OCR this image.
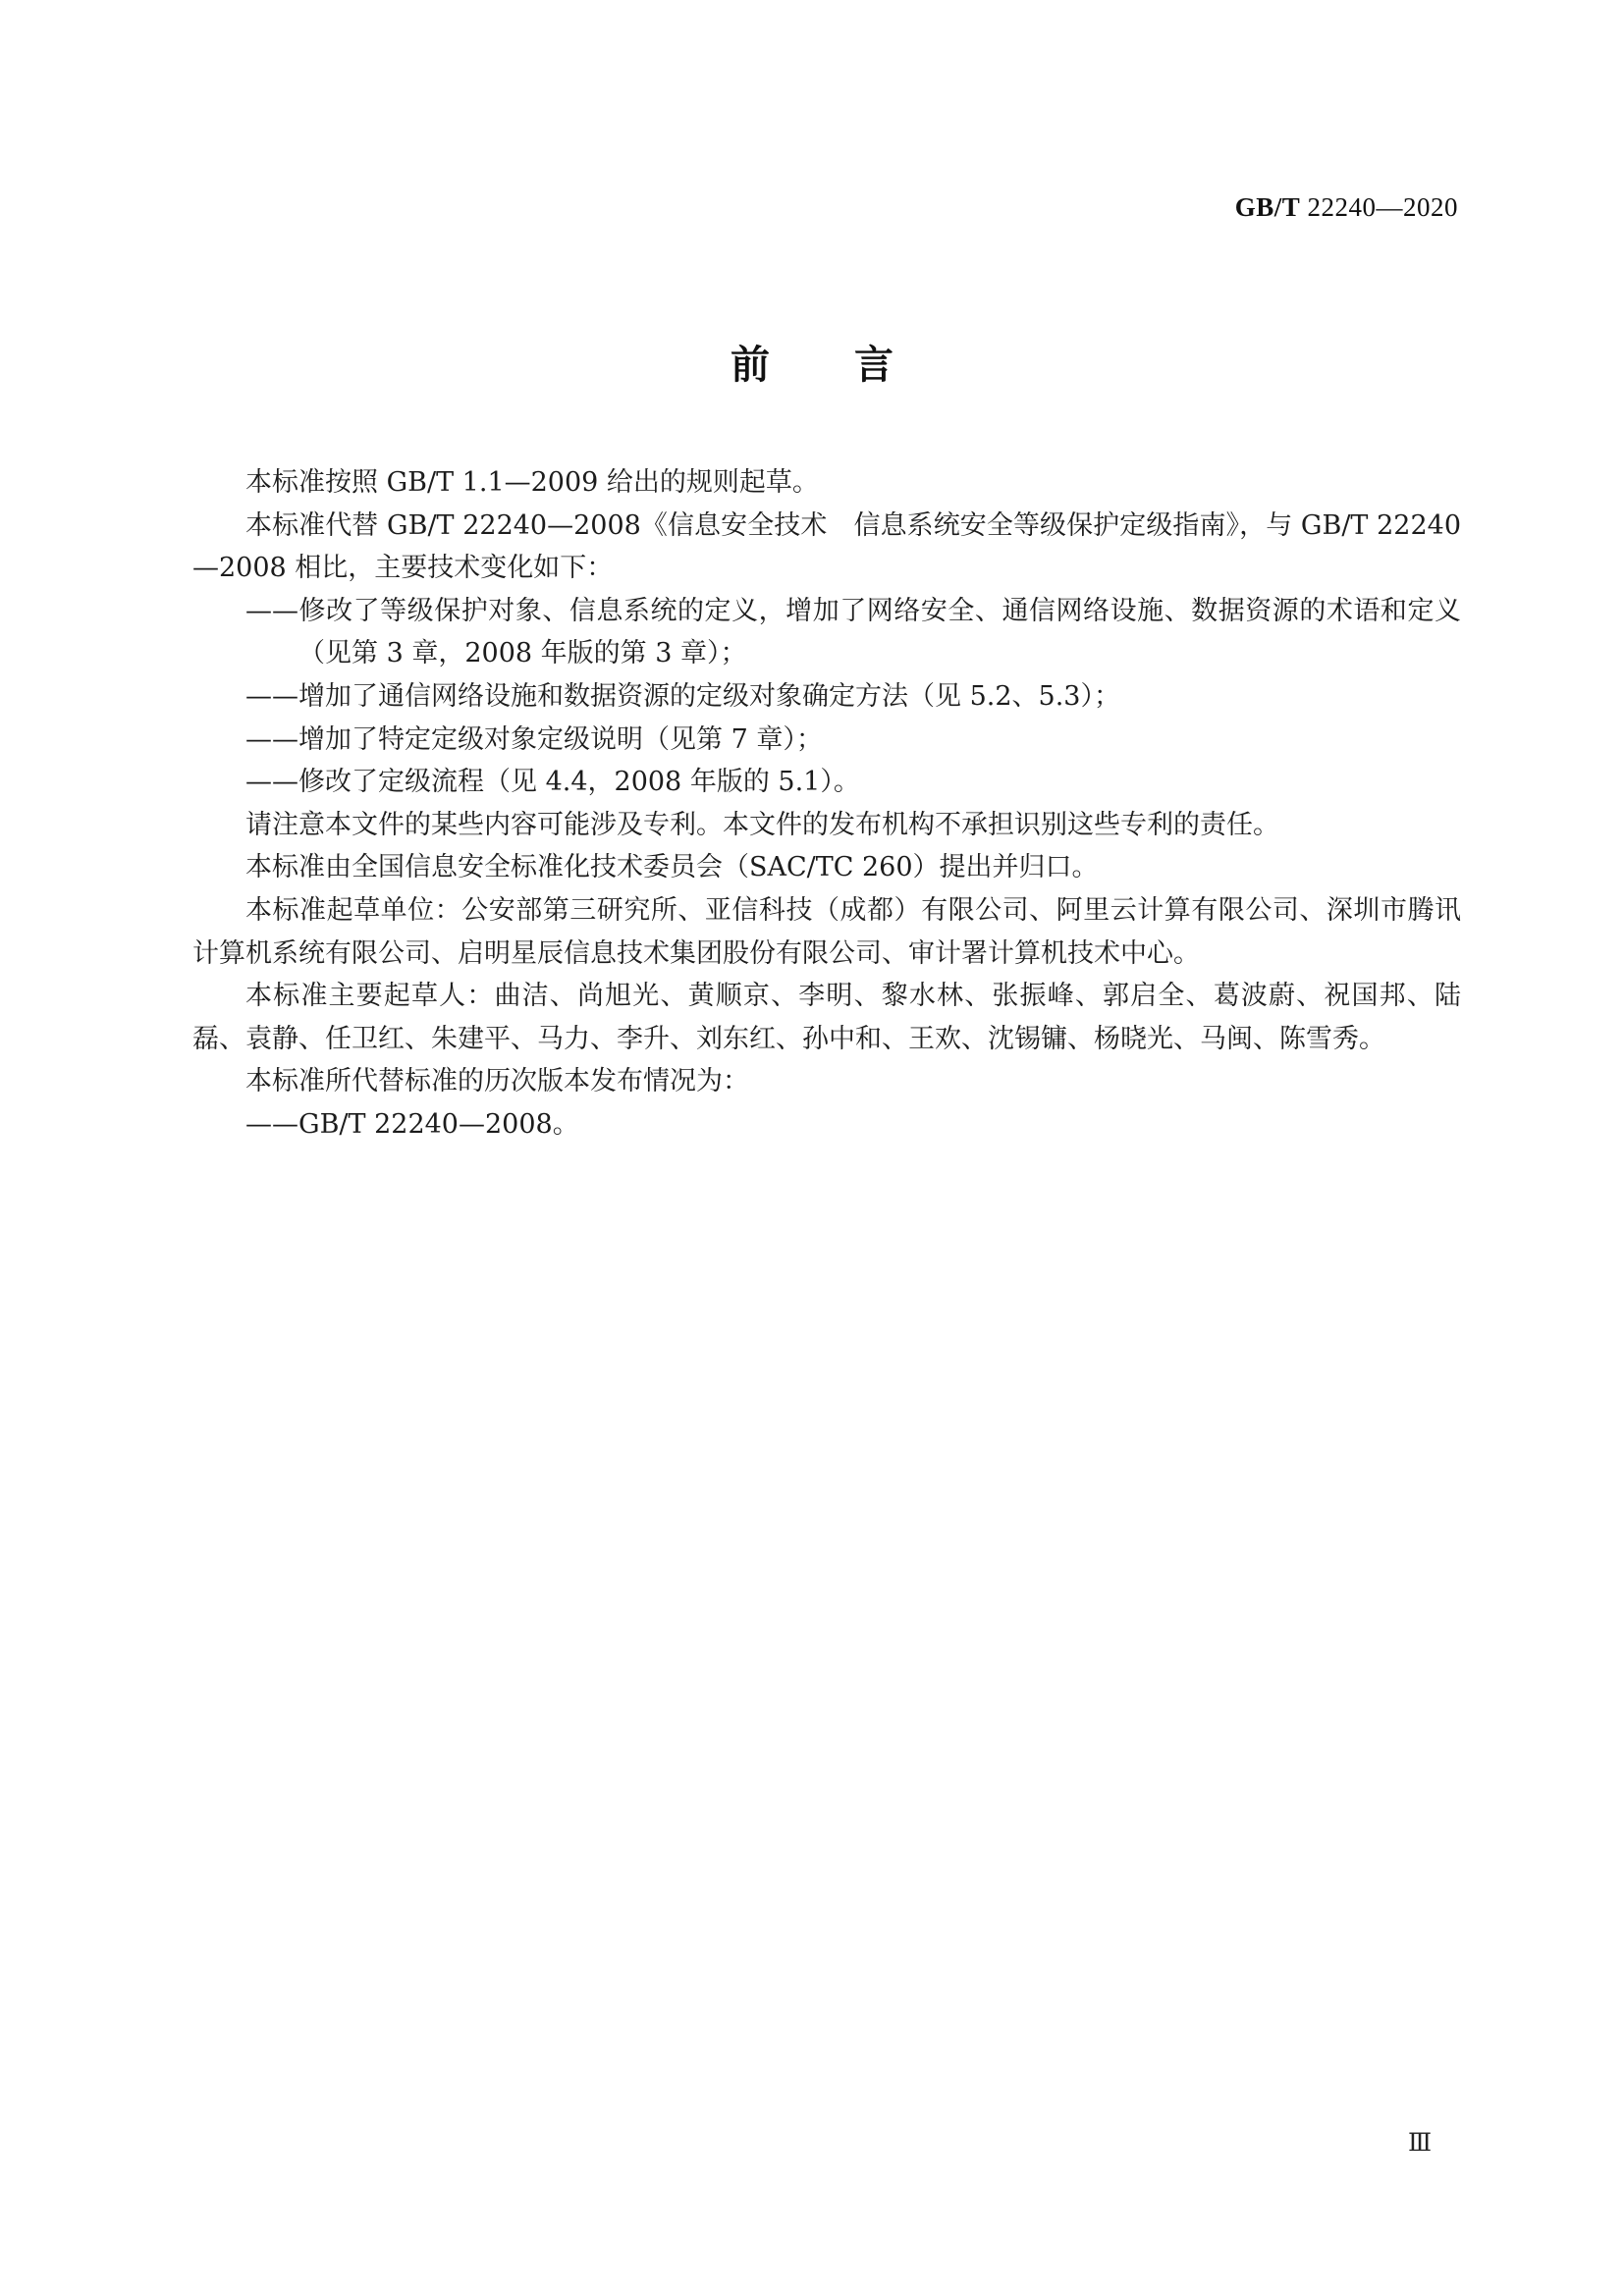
GB/T 22240—2020
前言

本标准按照 GB/T 1.1—2009 给出的规则起草。

本标准代替 GB/T 22240—2008《信息安全技术　信息系统安全等级保护定级指南》，与 GB/T 22240—2008 相比，主要技术变化如下：

——修改了等级保护对象、信息系统的定义，增加了网络安全、通信网络设施、数据资源的术语和定义（见第 3 章，2008 年版的第 3 章）；

——增加了通信网络设施和数据资源的定级对象确定方法（见 5.2、5.3）；

——增加了特定定级对象定级说明（见第 7 章）；

——修改了定级流程（见 4.4，2008 年版的 5.1）。

请注意本文件的某些内容可能涉及专利。本文件的发布机构不承担识别这些专利的责任。

本标准由全国信息安全标准化技术委员会（SAC/TC 260）提出并归口。

本标准起草单位：公安部第三研究所、亚信科技（成都）有限公司、阿里云计算有限公司、深圳市腾讯计算机系统有限公司、启明星辰信息技术集团股份有限公司、审计署计算机技术中心。

本标准主要起草人：曲洁、尚旭光、黄顺京、李明、黎水林、张振峰、郭启全、葛波蔚、祝国邦、陆磊、袁静、任卫红、朱建平、马力、李升、刘东红、孙中和、王欢、沈锡镛、杨晓光、马闽、陈雪秀。

本标准所代替标准的历次版本发布情况为：

——GB/T 22240—2008。

Ⅲ
